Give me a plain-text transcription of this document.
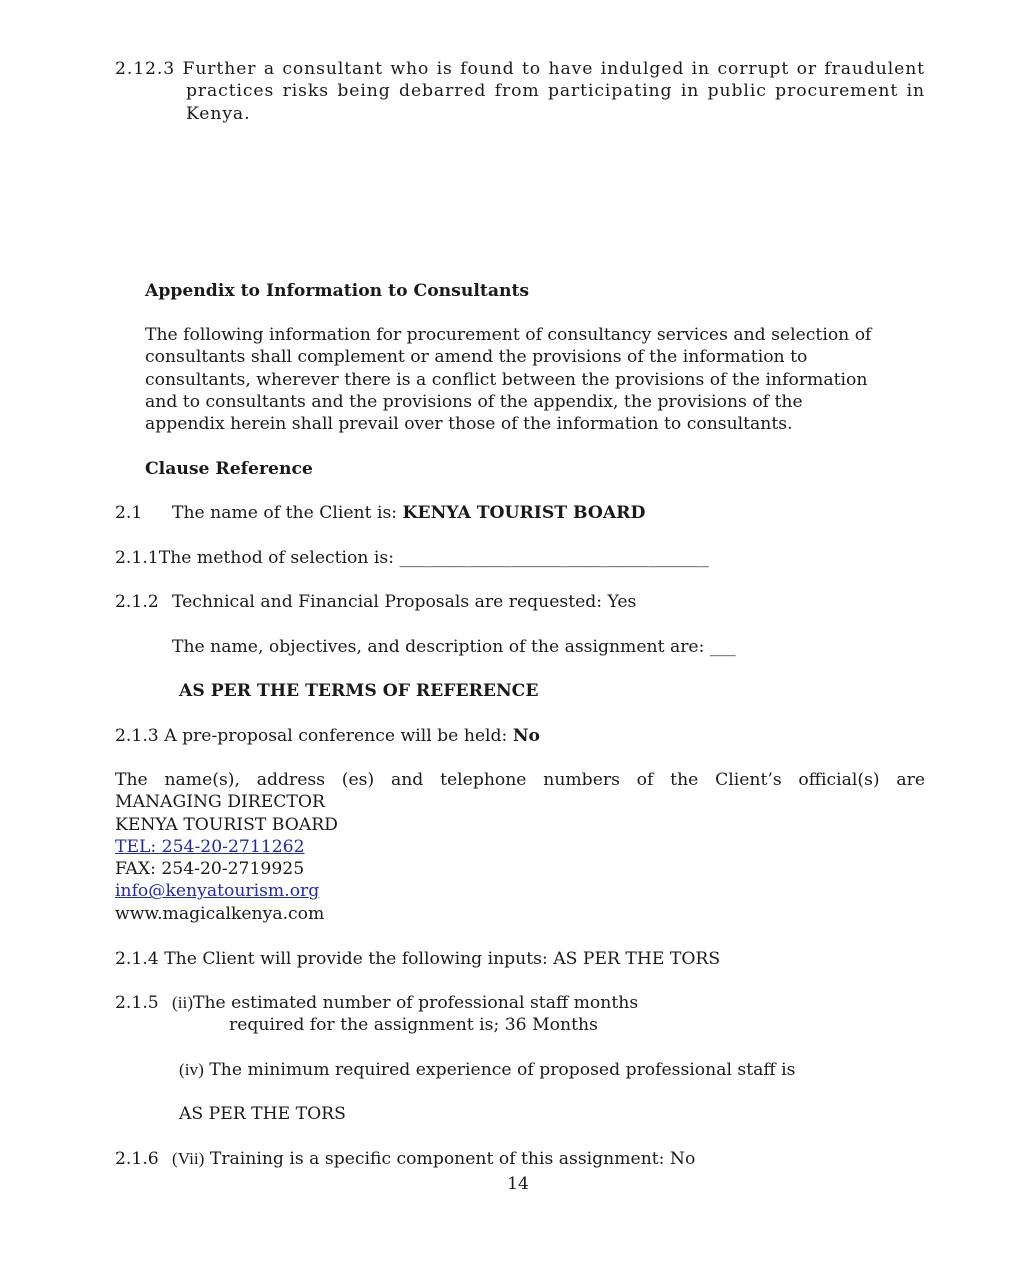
2.12.3 Further a consultant who is found to have indulged in corrupt or fraudulent
practices risks being debarred from participating in public procurement in
Kenya.
Appendix to Information to Consultants
The following information for procurement of consultancy services and selection of
consultants shall complement or amend the provisions of the information to
consultants, wherever there is a conflict between the provisions of the information
and to consultants and the provisions of the appendix, the provisions of the
appendix herein shall prevail over those of the information to consultants.
Clause Reference
2.1 The name of the Client is: KENYA TOURIST BOARD
2.1.1The method of selection is: ____________________________________
2.1.2 Technical and Financial Proposals are requested: Yes
The name, objectives, and description of the assignment are: ___
AS PER THE TERMS OF REFERENCE
2.1.3 A pre-proposal conference will be held: No
The name(s), address (es) and telephone numbers of the Client’s official(s) are
MANAGING DIRECTOR
KENYA TOURIST BOARD
TEL: 254-20-2711262
FAX: 254-20-2719925
info@kenyatourism.org
www.magicalkenya.com
2.1.4 The Client will provide the following inputs: AS PER THE TORS
2.1.5 (ii)The estimated number of professional staff months
required for the assignment is; 36 Months
(iv) The minimum required experience of proposed professional staff is
AS PER THE TORS
2.1.6 (Vii) Training is a specific component of this assignment: No
14
